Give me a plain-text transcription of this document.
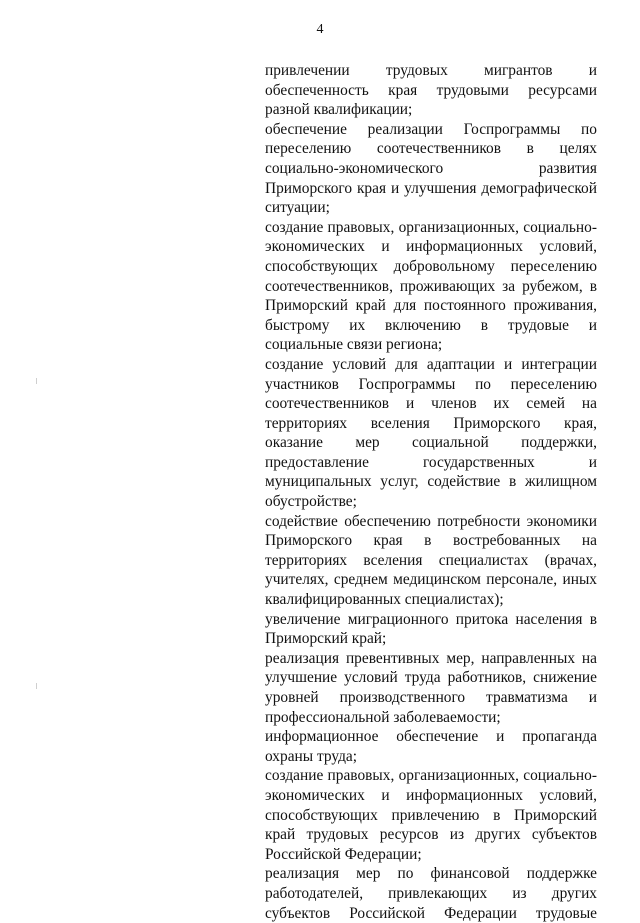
4
привлечении трудовых мигрантов и
обеспеченность края трудовыми ресурсами
разной квалификации;
обеспечение реализации Госпрограммы по
переселению соотечественников в целях
социально-экономического развития
Приморского края и улучшения демографической
ситуации;
создание правовых, организационных, социально-
экономических и информационных условий,
способствующих добровольному переселению
соотечественников, проживающих за рубежом, в
Приморский край для постоянного проживания,
быстрому их включению в трудовые и
социальные связи региона;
создание условий для адаптации и интеграции
участников Госпрограммы по переселению
соотечественников и членов их семей на
территориях вселения Приморского края,
оказание мер социальной поддержки,
предоставление государственных и
муниципальных услуг, содействие в жилищном
обустройстве;
содействие обеспечению потребности экономики
Приморского края в востребованных на
территориях вселения специалистах (врачах,
учителях, среднем медицинском персонале, иных
квалифицированных специалистах);
увеличение миграционного притока населения в
Приморский край;
реализация превентивных мер, направленных на
улучшение условий труда работников, снижение
уровней производственного травматизма и
профессиональной заболеваемости;
информационное обеспечение и пропаганда
охраны труда;
создание правовых, организационных, социально-
экономических и информационных условий,
способствующих привлечению в Приморский
край трудовых ресурсов из других субъектов
Российской Федерации;
реализация мер по финансовой поддержке
работодателей, привлекающих из других
субъектов Российской Федерации трудовые
